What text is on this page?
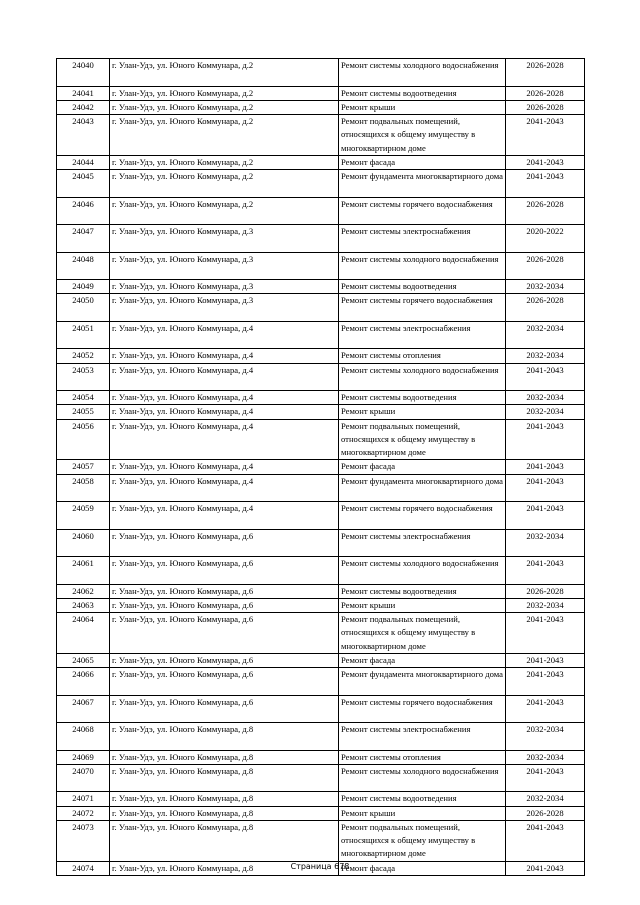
24040	г. Улан-Удэ, ул. Юного Коммунара, д.2	Ремонт системы холодного водоснабжения	2026-2028
24041	г. Улан-Удэ, ул. Юного Коммунара, д.2	Ремонт системы водоотведения	2026-2028
24042	г. Улан-Удэ, ул. Юного Коммунара, д.2	Ремонт крыши	2026-2028
24043	г. Улан-Удэ, ул. Юного Коммунара, д.2	Ремонт подвальных помещений, относящихся к общему имуществу в многоквартирном доме	2041-2043
24044	г. Улан-Удэ, ул. Юного Коммунара, д.2	Ремонт фасада	2041-2043
24045	г. Улан-Удэ, ул. Юного Коммунара, д.2	Ремонт фундамента многоквартирного дома	2041-2043
24046	г. Улан-Удэ, ул. Юного Коммунара, д.2	Ремонт системы горячего водоснабжения	2026-2028
24047	г. Улан-Удэ, ул. Юного Коммунара, д.3	Ремонт системы электроснабжения	2020-2022
24048	г. Улан-Удэ, ул. Юного Коммунара, д.3	Ремонт системы холодного водоснабжения	2026-2028
24049	г. Улан-Удэ, ул. Юного Коммунара, д.3	Ремонт системы водоотведения	2032-2034
24050	г. Улан-Удэ, ул. Юного Коммунара, д.3	Ремонт системы горячего водоснабжения	2026-2028
24051	г. Улан-Удэ, ул. Юного Коммунара, д.4	Ремонт системы электроснабжения	2032-2034
24052	г. Улан-Удэ, ул. Юного Коммунара, д.4	Ремонт системы отопления	2032-2034
24053	г. Улан-Удэ, ул. Юного Коммунара, д.4	Ремонт системы холодного водоснабжения	2041-2043
24054	г. Улан-Удэ, ул. Юного Коммунара, д.4	Ремонт системы водоотведения	2032-2034
24055	г. Улан-Удэ, ул. Юного Коммунара, д.4	Ремонт крыши	2032-2034
24056	г. Улан-Удэ, ул. Юного Коммунара, д.4	Ремонт подвальных помещений, относящихся к общему имуществу в многоквартирном доме	2041-2043
24057	г. Улан-Удэ, ул. Юного Коммунара, д.4	Ремонт фасада	2041-2043
24058	г. Улан-Удэ, ул. Юного Коммунара, д.4	Ремонт фундамента многоквартирного дома	2041-2043
24059	г. Улан-Удэ, ул. Юного Коммунара, д.4	Ремонт системы горячего водоснабжения	2041-2043
24060	г. Улан-Удэ, ул. Юного Коммунара, д.6	Ремонт системы электроснабжения	2032-2034
24061	г. Улан-Удэ, ул. Юного Коммунара, д.6	Ремонт системы холодного водоснабжения	2041-2043
24062	г. Улан-Удэ, ул. Юного Коммунара, д.6	Ремонт системы водоотведения	2026-2028
24063	г. Улан-Удэ, ул. Юного Коммунара, д.6	Ремонт крыши	2032-2034
24064	г. Улан-Удэ, ул. Юного Коммунара, д.6	Ремонт подвальных помещений, относящихся к общему имуществу в многоквартирном доме	2041-2043
24065	г. Улан-Удэ, ул. Юного Коммунара, д.6	Ремонт фасада	2041-2043
24066	г. Улан-Удэ, ул. Юного Коммунара, д.6	Ремонт фундамента многоквартирного дома	2041-2043
24067	г. Улан-Удэ, ул. Юного Коммунара, д.6	Ремонт системы горячего водоснабжения	2041-2043
24068	г. Улан-Удэ, ул. Юного Коммунара, д.8	Ремонт системы электроснабжения	2032-2034
24069	г. Улан-Удэ, ул. Юного Коммунара, д.8	Ремонт системы отопления	2032-2034
24070	г. Улан-Удэ, ул. Юного Коммунара, д.8	Ремонт системы холодного водоснабжения	2041-2043
24071	г. Улан-Удэ, ул. Юного Коммунара, д.8	Ремонт системы водоотведения	2032-2034
24072	г. Улан-Удэ, ул. Юного Коммунара, д.8	Ремонт крыши	2026-2028
24073	г. Улан-Удэ, ул. Юного Коммунара, д.8	Ремонт подвальных помещений, относящихся к общему имуществу в многоквартирном доме	2041-2043
24074	г. Улан-Удэ, ул. Юного Коммунара, д.8	Ремонт фасада	2041-2043
Страница 678
